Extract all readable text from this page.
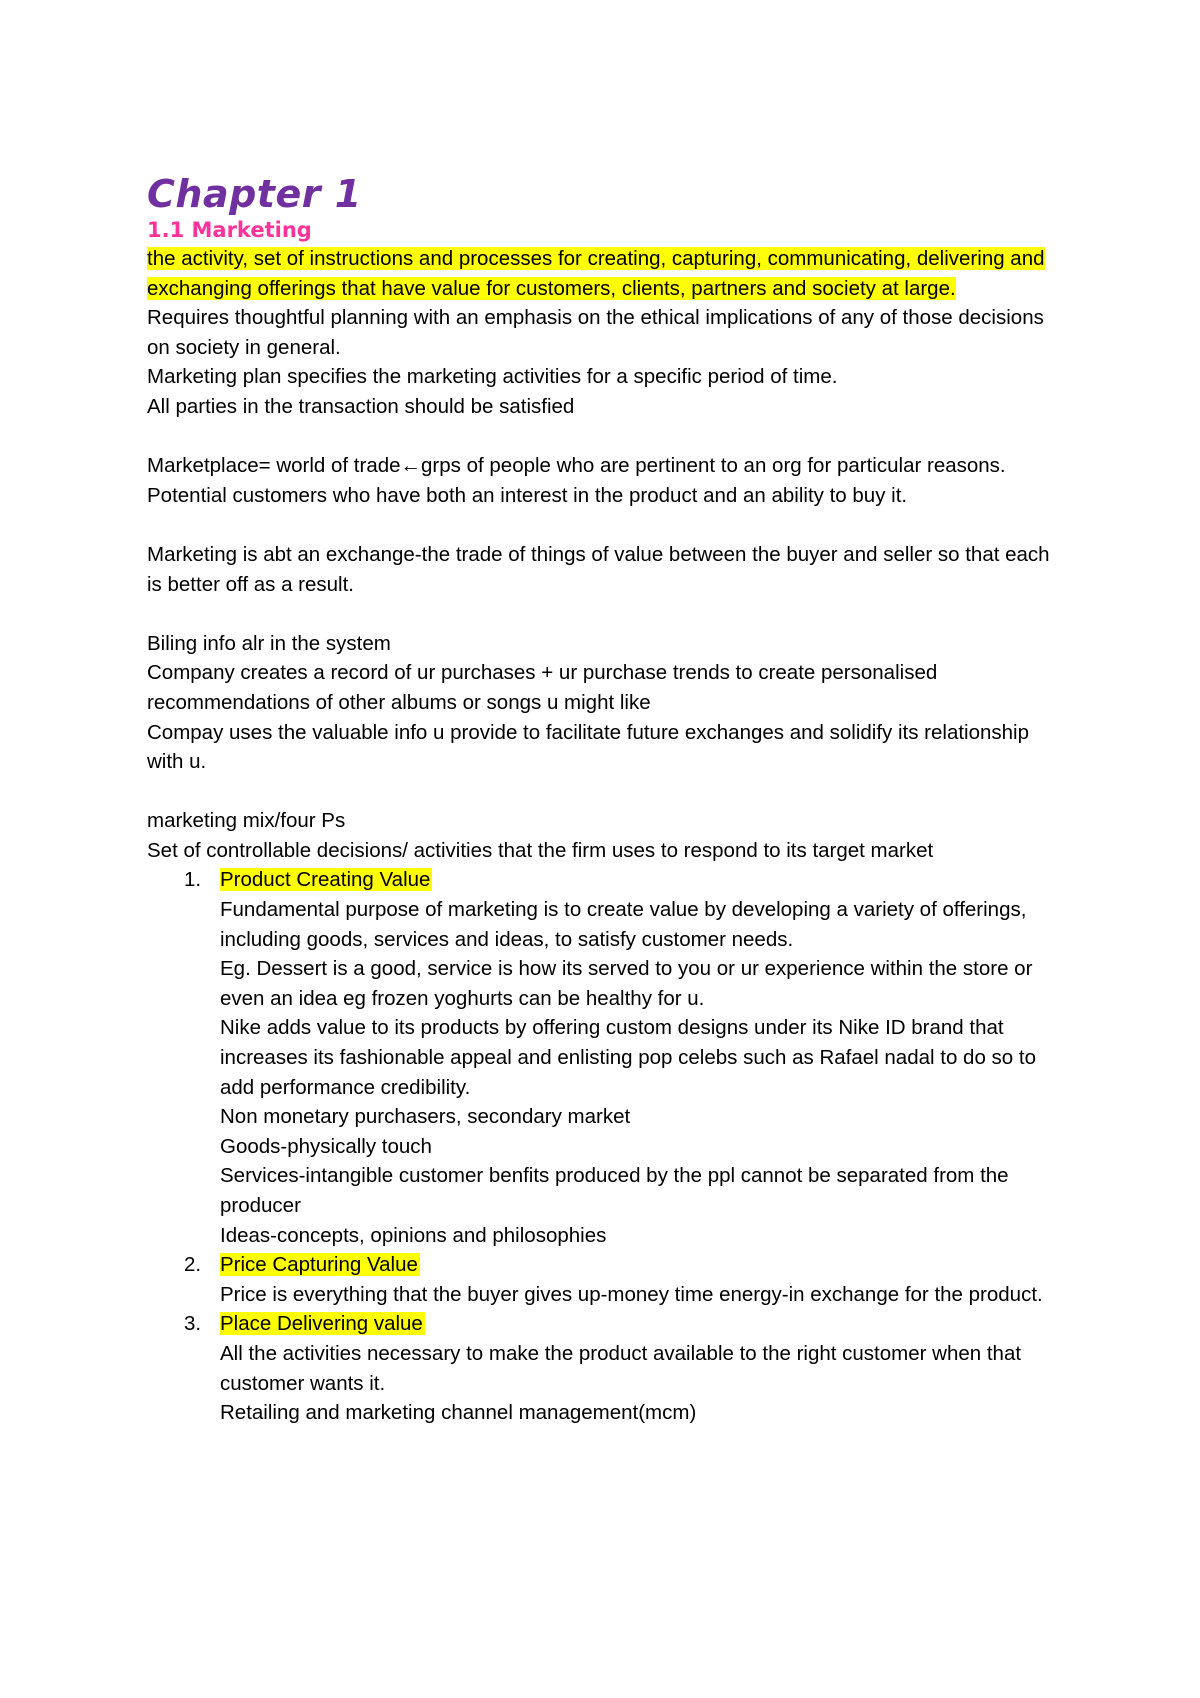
Chapter 1
1.1 Marketing

the activity, set of instructions and processes for creating, capturing, communicating, delivering and exchanging offerings that have value for customers, clients, partners and society at large.

Requires thoughtful planning with an emphasis on the ethical implications of any of those decisions on society in general.

Marketing plan specifies the marketing activities for a specific period of time.

All parties in the transaction should be satisfied

Marketplace= world of trade←grps of people who are pertinent to an org for particular reasons.

Potential customers who have both an interest in the product and an ability to buy it.

Marketing is abt an exchange-the trade of things of value between the buyer and seller so that each is better off as a result.

Biling info alr in the system

Company creates a record of ur purchases + ur purchase trends to create personalised recommendations of other albums or songs u might like

Compay uses the valuable info u provide to facilitate future exchanges and solidify its relationship with u.

marketing mix/four Ps

Set of controllable decisions/ activities that the firm uses to respond to its target market

1. Product Creating Value

Fundamental purpose of marketing is to create value by developing a variety of offerings, including goods, services and ideas, to satisfy customer needs.

Eg. Dessert is a good, service is how its served to you or ur experience within the store or even an idea eg frozen yoghurts can be healthy for u.

Nike adds value to its products by offering custom designs under its Nike ID brand that increases its fashionable appeal and enlisting pop celebs such as Rafael nadal to do so to add performance credibility.

Non monetary purchasers, secondary market

Goods-physically touch

Services-intangible customer benfits produced by the ppl cannot be separated from the producer

Ideas-concepts, opinions and philosophies

2. Price Capturing Value

Price is everything that the buyer gives up-money time energy-in exchange for the product.

3. Place Delivering value

All the activities necessary to make the product available to the right customer when that customer wants it.

Retailing and marketing channel management(mcm)
